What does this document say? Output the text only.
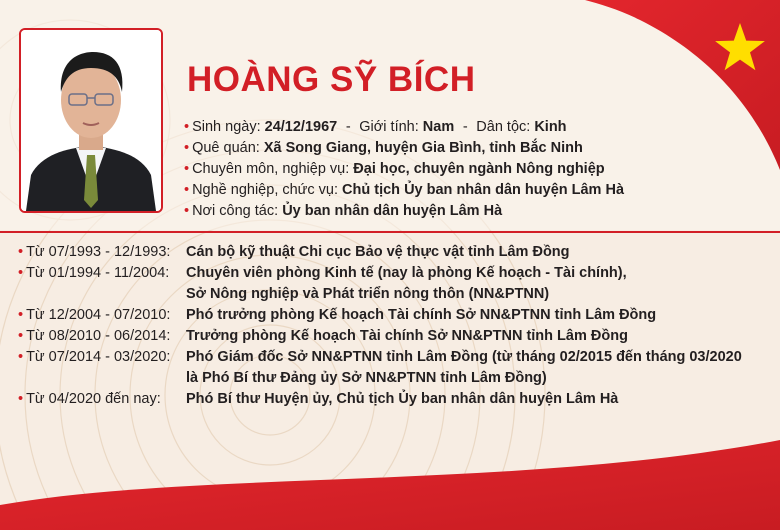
HOÀNG SỸ BÍCH
• Sinh ngày: 24/12/1967 - Giới tính: Nam - Dân tộc: Kinh
• Quê quán: Xã Song Giang, huyện Gia Bình, tỉnh Bắc Ninh
• Chuyên môn, nghiệp vụ: Đại học, chuyên ngành Nông nghiệp
• Nghề nghiệp, chức vụ: Chủ tịch Ủy ban nhân dân huyện Lâm Hà
• Nơi công tác: Ủy ban nhân dân huyện Lâm Hà
• Từ 07/1993 - 12/1993:	Cán bộ kỹ thuật Chi cục Bảo vệ thực vật tỉnh Lâm Đồng
• Từ 01/1994 - 11/2004:	Chuyên viên phòng Kinh tế (nay là phòng Kế hoạch - Tài chính),
Sở Nông nghiệp và Phát triển nông thôn (NN&PTNN)
• Từ 12/2004 - 07/2010:	Phó trưởng phòng Kế hoạch Tài chính Sở NN&PTNN tỉnh Lâm Đồng
• Từ 08/2010 - 06/2014:	Trưởng phòng Kế hoạch Tài chính Sở NN&PTNN tỉnh Lâm Đồng
• Từ 07/2014 - 03/2020:	Phó Giám đốc Sở NN&PTNN tỉnh Lâm Đồng (từ tháng 02/2015 đến tháng 03/2020
là Phó Bí thư Đảng ủy Sở NN&PTNN tỉnh Lâm Đồng)
• Từ 04/2020 đến nay:	Phó Bí thư Huyện ủy, Chủ tịch Ủy ban nhân dân huyện Lâm Hà
